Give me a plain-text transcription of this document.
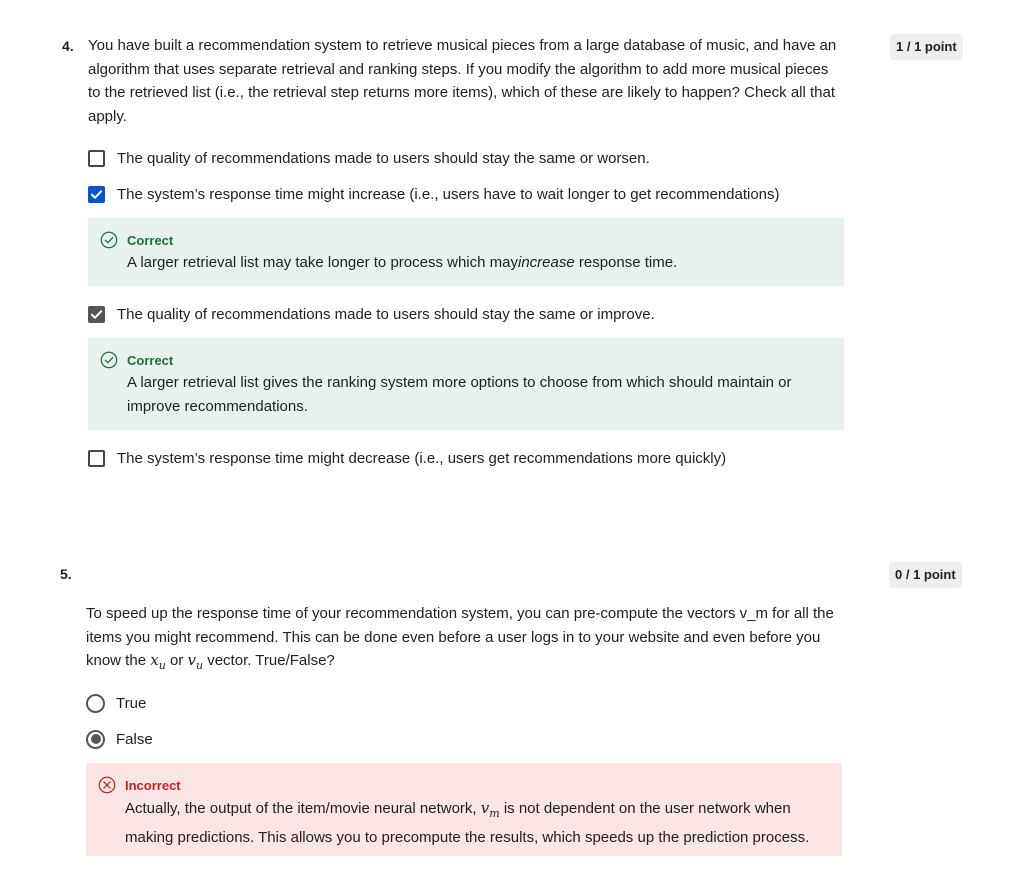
4.	1 / 1 point
You have built a recommendation system to retrieve musical pieces from a large database of music, and have an algorithm that uses separate retrieval and ranking steps. If you modify the algorithm to add more musical pieces to the retrieved list (i.e., the retrieval step returns more items), which of these are likely to happen? Check all that apply.
The quality of recommendations made to users should stay the same or worsen.
The system’s response time might increase (i.e., users have to wait longer to get recommendations)
Correct
A larger retrieval list may take longer to process which mayincrease response time.
The quality of recommendations made to users should stay the same or improve.
Correct
A larger retrieval list gives the ranking system more options to choose from which should maintain or improve recommendations.
The system’s response time might decrease (i.e., users get recommendations more quickly)
5.	0 / 1 point
To speed up the response time of your recommendation system, you can pre-compute the vectors v_m for all the items you might recommend. This can be done even before a user logs in to your website and even before you know the $x_u$ or $v_u$ vector. True/False?
True
False
Incorrect
Actually, the output of the item/movie neural network, $v_m$ is not dependent on the user network when making predictions. This allows you to precompute the results, which speeds up the prediction process.
